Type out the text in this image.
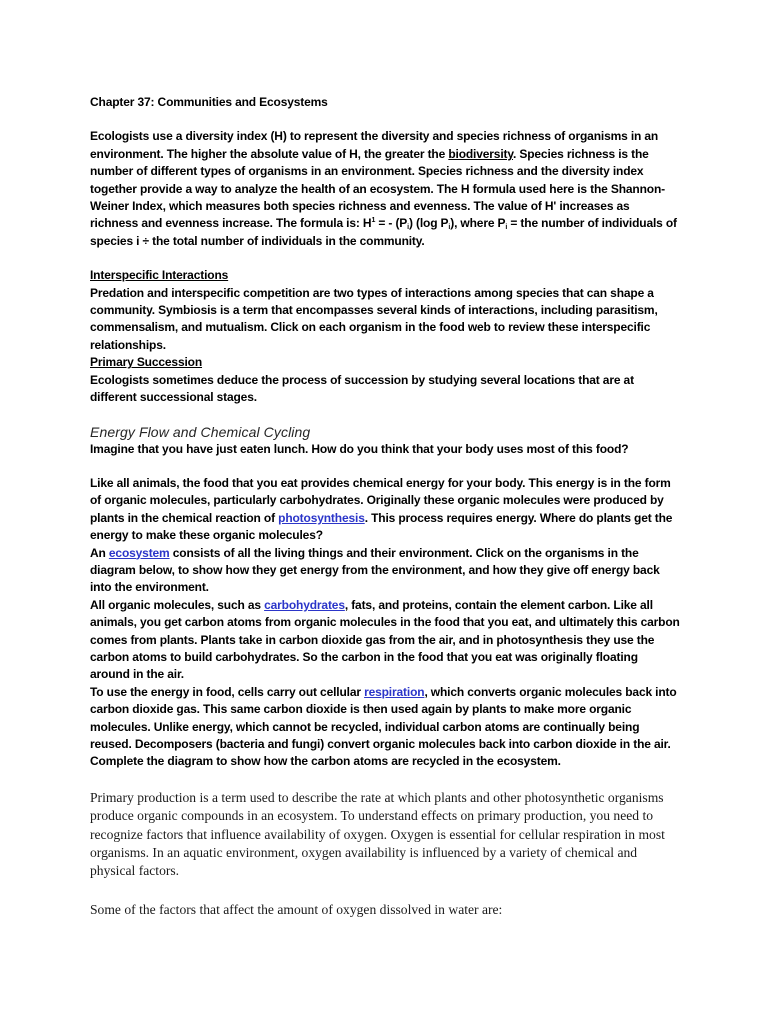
Chapter 37: Communities and Ecosystems

Ecologists use a diversity index (H) to represent the diversity and species richness of organisms in an environment. The higher the absolute value of H, the greater the biodiversity. Species richness is the number of different types of organisms in an environment. Species richness and the diversity index together provide a way to analyze the health of an ecosystem. The H formula used here is the Shannon-Weiner Index, which measures both species richness and evenness. The value of H' increases as richness and evenness increase. The formula is: $H^1$ = - $(P_i)$ (log $P_i$), where $P_i$ = the number of individuals of species i ÷ the total number of individuals in the community.

Interspecific Interactions

Predation and interspecific competition are two types of interactions among species that can shape a community. Symbiosis is a term that encompasses several kinds of interactions, including parasitism, commensalism, and mutualism. Click on each organism in the food web to review these interspecific relationships.

Primary Succession

Ecologists sometimes deduce the process of succession by studying several locations that are at different successional stages.

Energy Flow and Chemical Cycling

Imagine that you have just eaten lunch. How do you think that your body uses most of this food?

Like all animals, the food that you eat provides chemical energy for your body. This energy is in the form of organic molecules, particularly carbohydrates. Originally these organic molecules were produced by plants in the chemical reaction of photosynthesis. This process requires energy. Where do plants get the energy to make these organic molecules?

An ecosystem consists of all the living things and their environment. Click on the organisms in the diagram below, to show how they get energy from the environment, and how they give off energy back into the environment.

All organic molecules, such as carbohydrates, fats, and proteins, contain the element carbon. Like all animals, you get carbon atoms from organic molecules in the food that you eat, and ultimately this carbon comes from plants. Plants take in carbon dioxide gas from the air, and in photosynthesis they use the carbon atoms to build carbohydrates. So the carbon in the food that you eat was originally floating around in the air.

To use the energy in food, cells carry out cellular respiration, which converts organic molecules back into carbon dioxide gas. This same carbon dioxide is then used again by plants to make more organic molecules. Unlike energy, which cannot be recycled, individual carbon atoms are continually being reused. Decomposers (bacteria and fungi) convert organic molecules back into carbon dioxide in the air. Complete the diagram to show how the carbon atoms are recycled in the ecosystem.

Primary production is a term used to describe the rate at which plants and other photosynthetic organisms produce organic compounds in an ecosystem. To understand effects on primary production, you need to recognize factors that influence availability of oxygen. Oxygen is essential for cellular respiration in most organisms. In an aquatic environment, oxygen availability is influenced by a variety of chemical and physical factors.

Some of the factors that affect the amount of oxygen dissolved in water are:
